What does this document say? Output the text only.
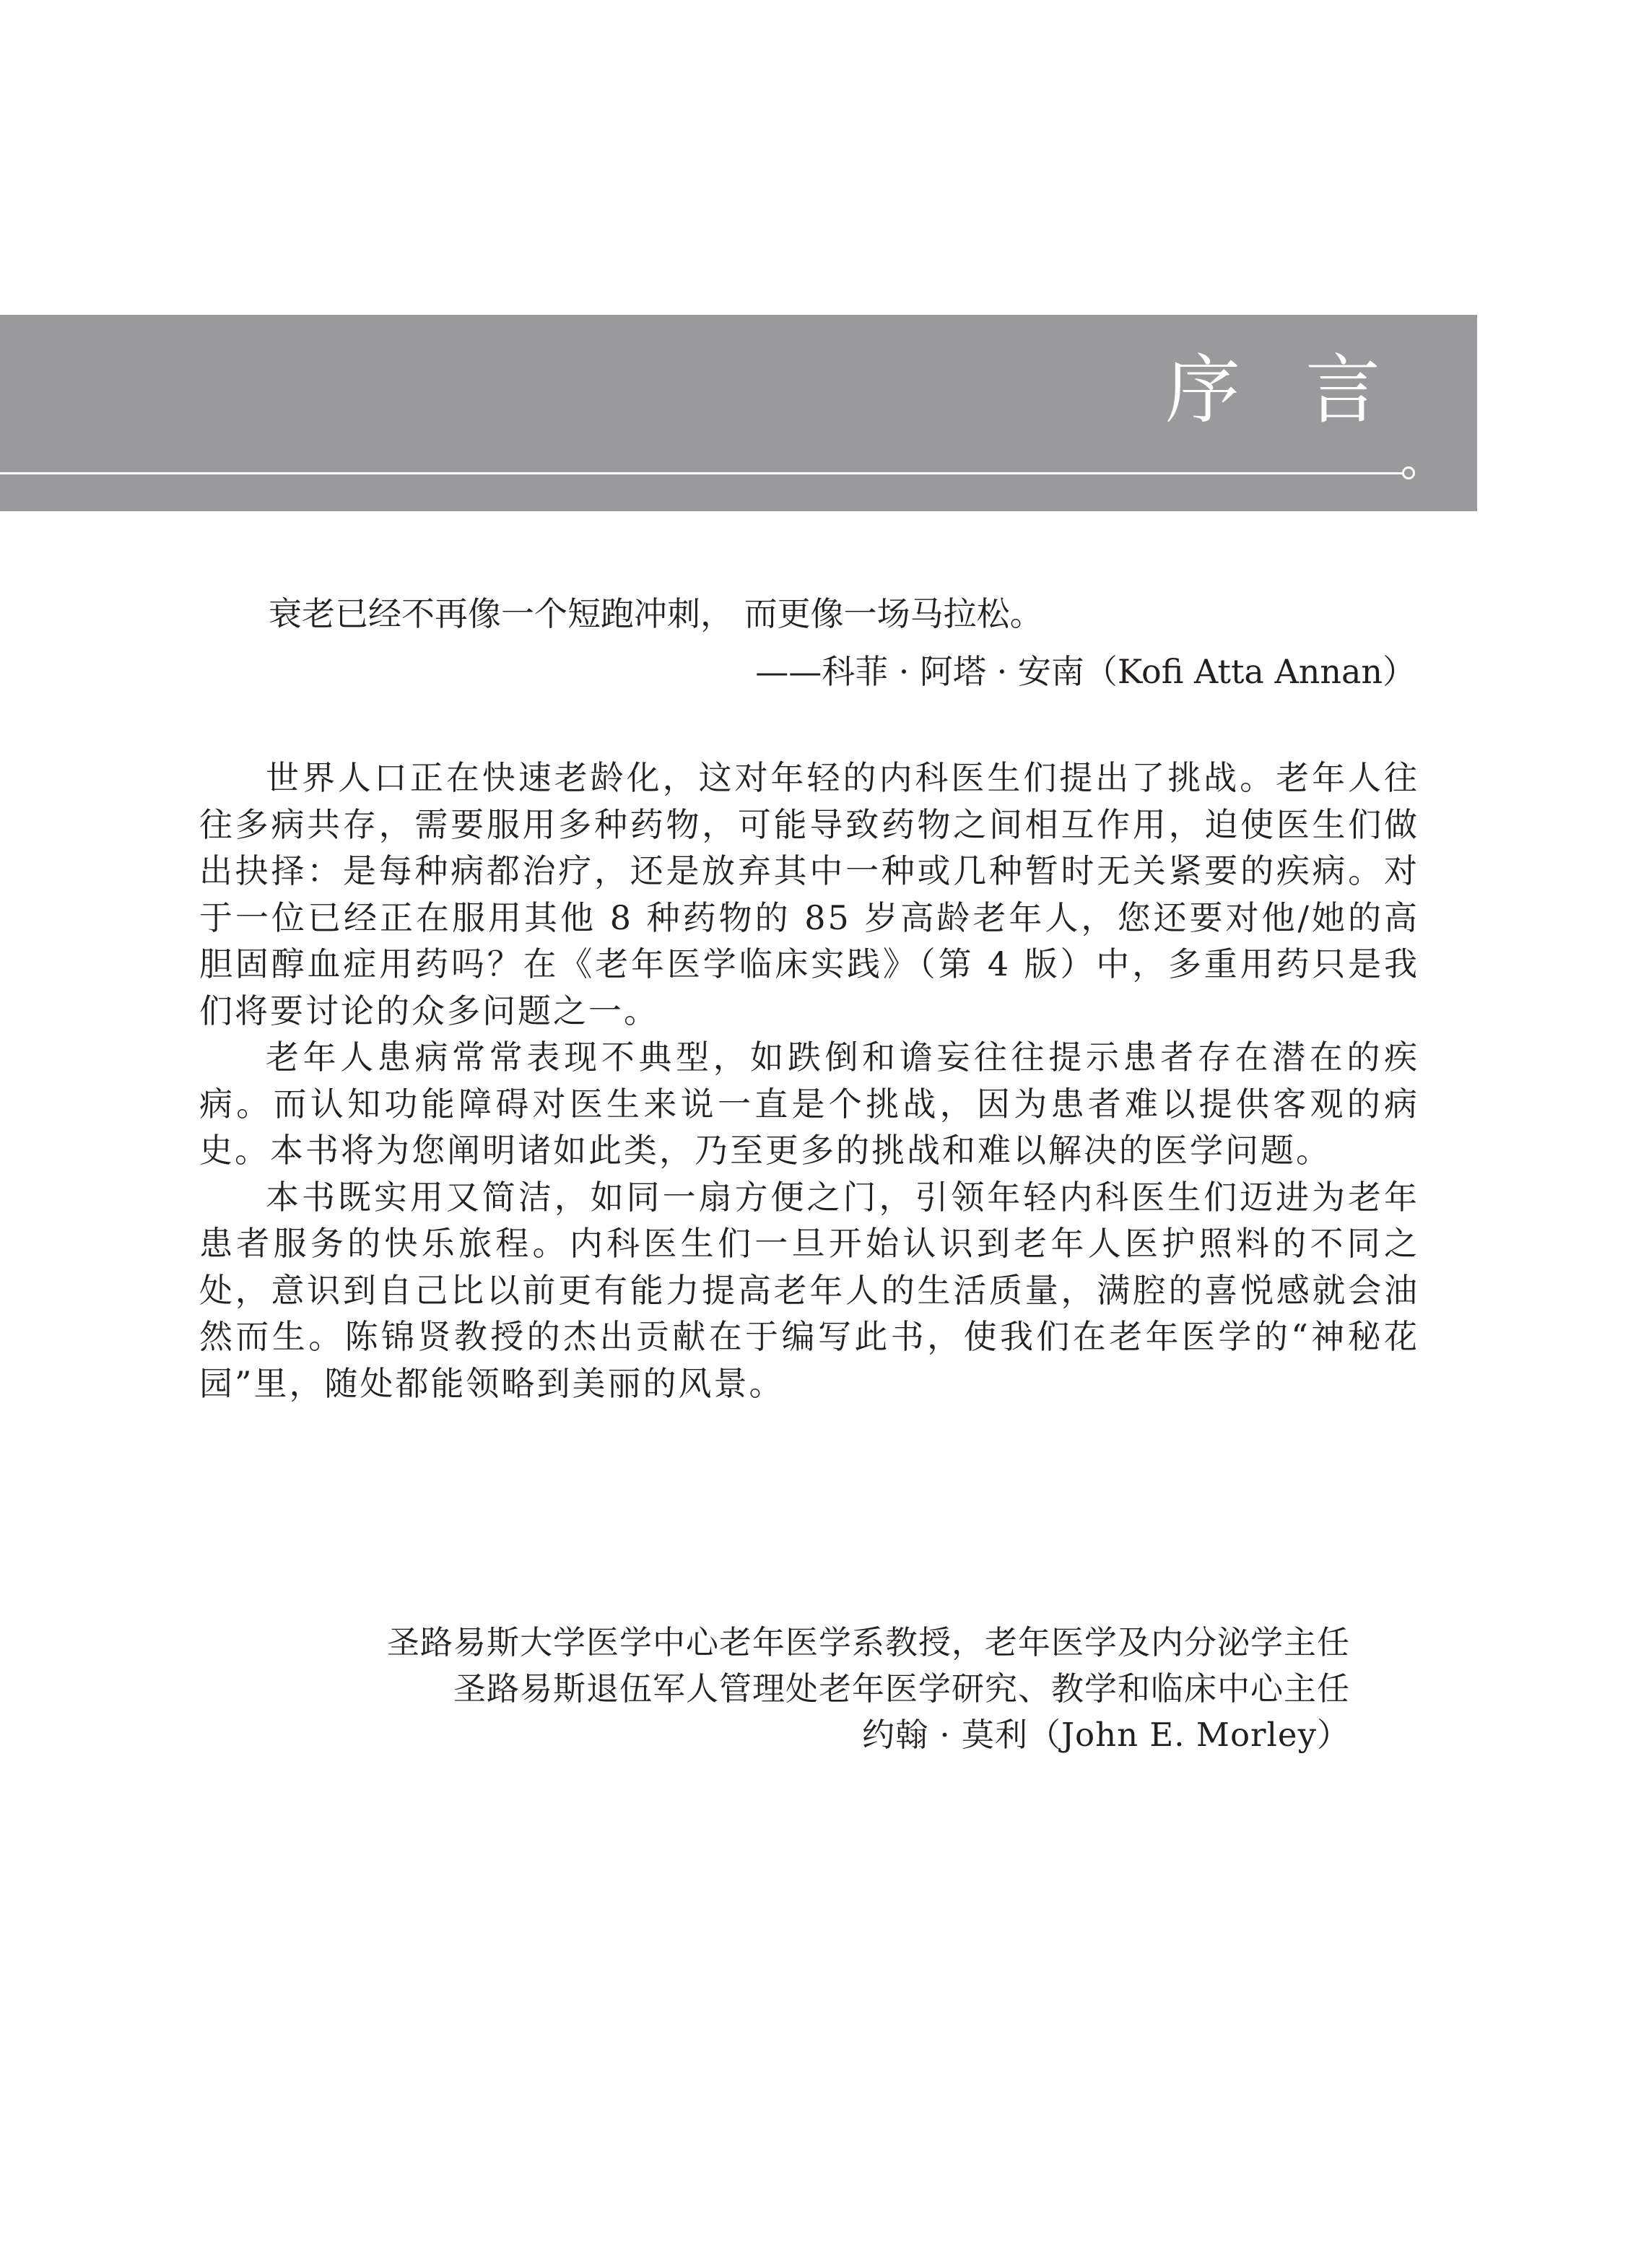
序言

衰老已经不再像一个短跑冲刺， 而更像一场马拉松。

——科菲 · 阿塔 · 安南（Kofi Atta Annan）

世界人口正在快速老龄化，这对年轻的内科医生们提出了挑战。老年人往往多病共存，需要服用多种药物，可能导致药物之间相互作用，迫使医生们做出抉择：是每种病都治疗，还是放弃其中一种或几种暂时无关紧要的疾病。对于一位已经正在服用其他 8 种药物的 85 岁高龄老年人，您还要对他/她的高胆固醇血症用药吗？在《老年医学临床实践》（第 4 版）中，多重用药只是我们将要讨论的众多问题之一。

老年人患病常常表现不典型，如跌倒和谵妄往往提示患者存在潜在的疾病。而认知功能障碍对医生来说一直是个挑战，因为患者难以提供客观的病史。本书将为您阐明诸如此类，乃至更多的挑战和难以解决的医学问题。

本书既实用又简洁，如同一扇方便之门，引领年轻内科医生们迈进为老年患者服务的快乐旅程。内科医生们一旦开始认识到老年人医护照料的不同之处，意识到自己比以前更有能力提高老年人的生活质量，满腔的喜悦感就会油然而生。陈锦贤教授的杰出贡献在于编写此书，使我们在老年医学的“神秘花园”里，随处都能领略到美丽的风景。

圣路易斯大学医学中心老年医学系教授，老年医学及内分泌学主任

圣路易斯退伍军人管理处老年医学研究、教学和临床中心主任

约翰 · 莫利（John E. Morley）
